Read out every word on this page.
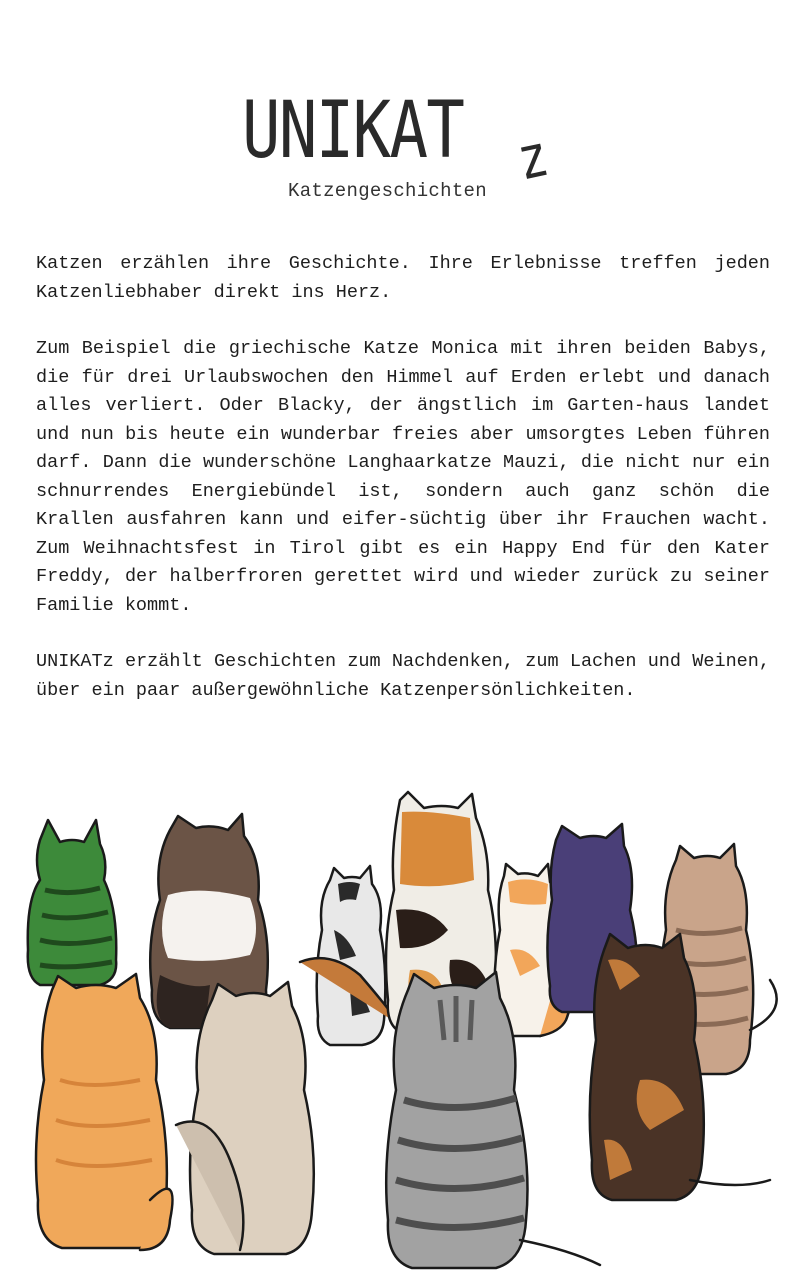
UNIKAT z
Katzengeschichten

Katzen erzählen ihre Geschichte. Ihre Erlebnisse treffen jeden Katzenliebhaber direkt ins Herz.

Zum Beispiel die griechische Katze Monica mit ihren beiden Babys, die für drei Urlaubswochen den Himmel auf Erden erlebt und danach alles verliert. Oder Blacky, der ängstlich im Garten-haus landet und nun bis heute ein wunderbar freies aber umsorgtes Leben führen darf. Dann die wunderschöne Langhaarkatze Mauzi, die nicht nur ein schnurrendes Energiebündel ist, sondern auch ganz schön die Krallen ausfahren kann und eifer-süchtig über ihr Frauchen wacht. Zum Weihnachtsfest in Tirol gibt es ein Happy End für den Kater Freddy, der halberfroren gerettet wird und wieder zurück zu seiner Familie kommt.

UNIKATz erzählt Geschichten zum Nachdenken, zum Lachen und Weinen, über ein paar außergewöhnliche Katzenpersönlichkeiten.
